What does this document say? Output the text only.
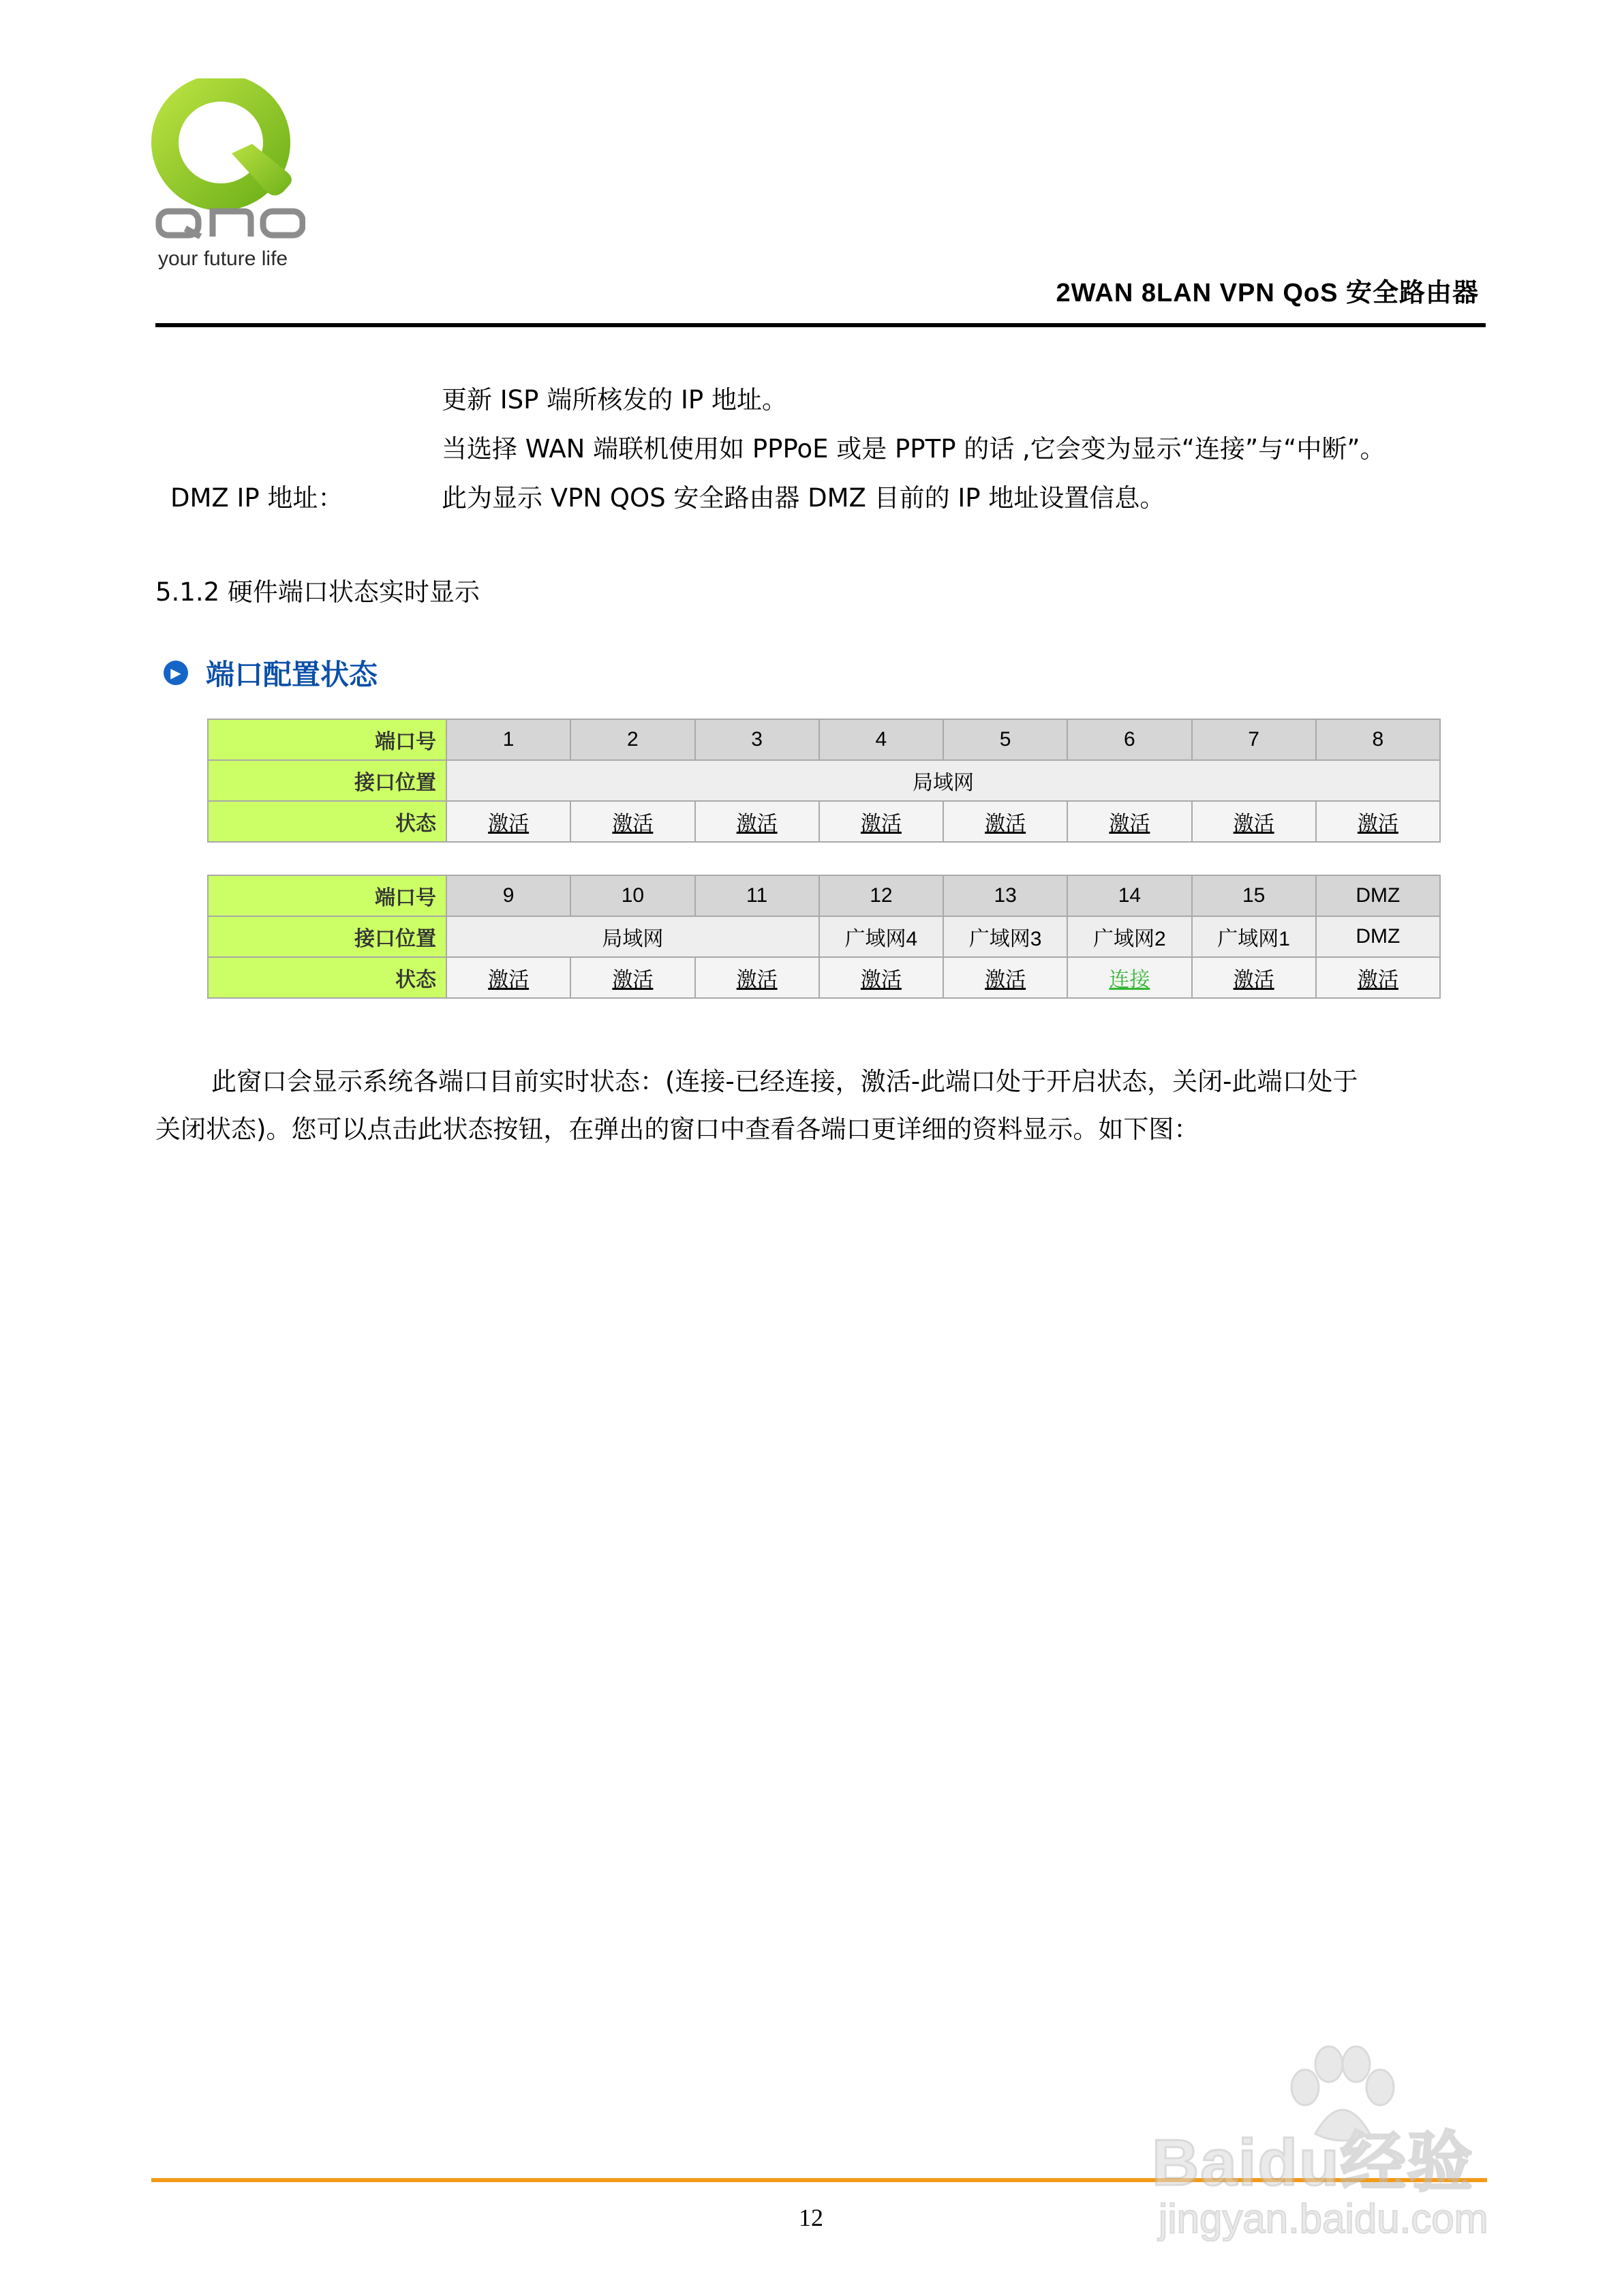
your future life
2WAN 8LAN VPN QoS 安全路由器
更新 ISP 端所核发的 IP 地址。
当选择 WAN 端联机使用如 PPPoE 或是 PPTP 的话 ,它会变为显示“连接”与“中断”。
DMZ IP 地址：	此为显示 VPN QOS 安全路由器 DMZ 目前的 IP 地址设置信息。
5.1.2 硬件端口状态实时显示
▶ 端口配置状态
端口号	1	2	3	4	5	6	7	8
接口位置	局域网							
状态	激活	激活	激活	激活	激活	激活	激活	激活
端口号	9	10	11	12	13	14	15	DMZ
接口位置	局域网			广域网4	广域网3	广域网2	广域网1	DMZ
状态	激活	激活	激活	激活	激活	连接	激活	激活
此窗口会显示系统各端口目前实时状态：(连接-已经连接，激活-此端口处于开启状态，关闭-此端口处于
关闭状态)。您可以点击此状态按钮，在弹出的窗口中查看各端口更详细的资料显示。如下图：
12
Baidu经验
jingyan.baidu.com
